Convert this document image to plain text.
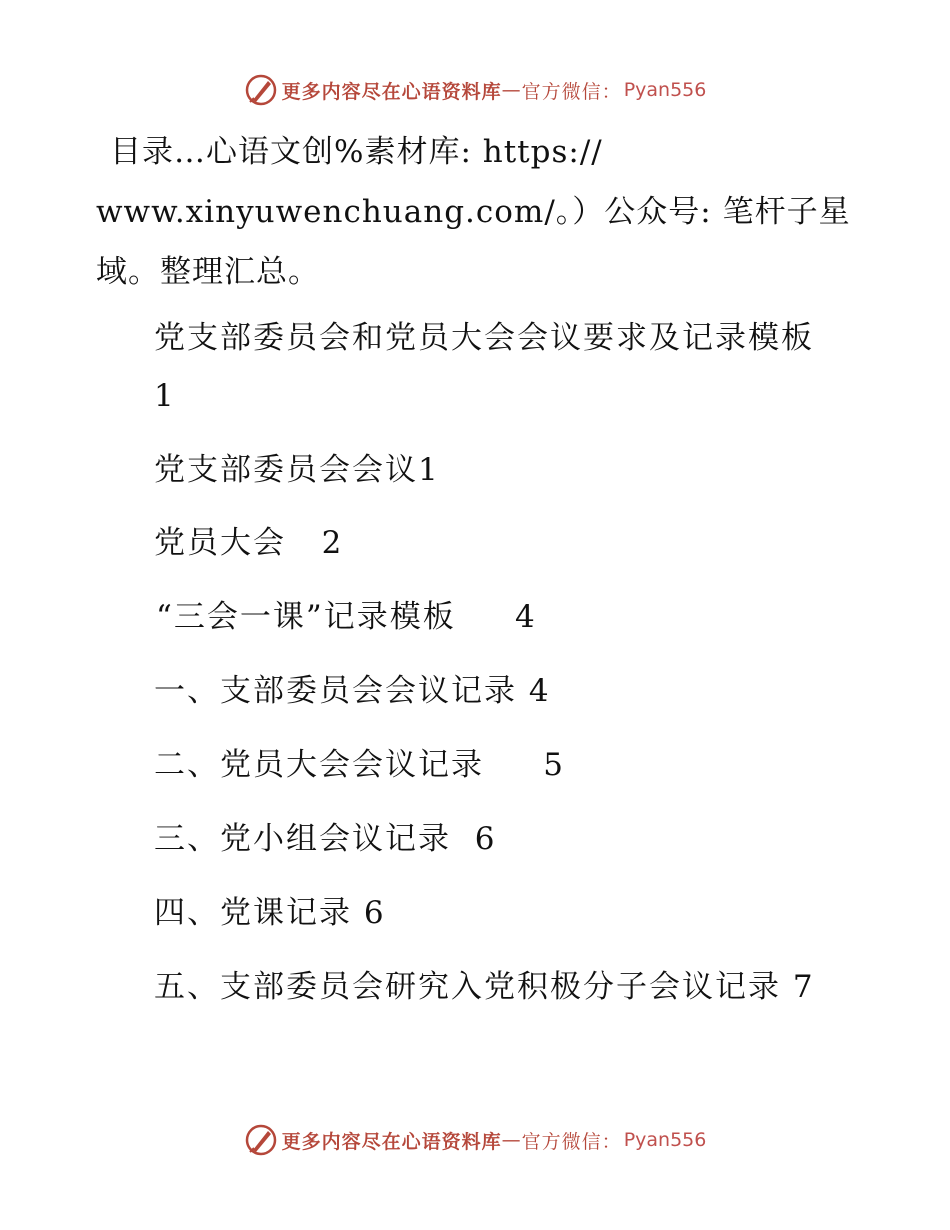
更多内容尽在心语资料库 — 官方微信： Pyan556
目录…心语文创%素材库: https://
www.xinyuwenchuang.com/。）公众号: 笔杆子星
域。整理汇总。
党支部委员会和党员大会会议要求及记录模板
1
党支部委员会会议1
党员大会 2
“三会一课”记录模板 4
一、支部委员会会议记录 4
二、党员大会会议记录 5
三、党小组会议记录 6
四、党课记录 6
五、支部委员会研究入党积极分子会议记录 7
更多内容尽在心语资料库 — 官方微信： Pyan556
